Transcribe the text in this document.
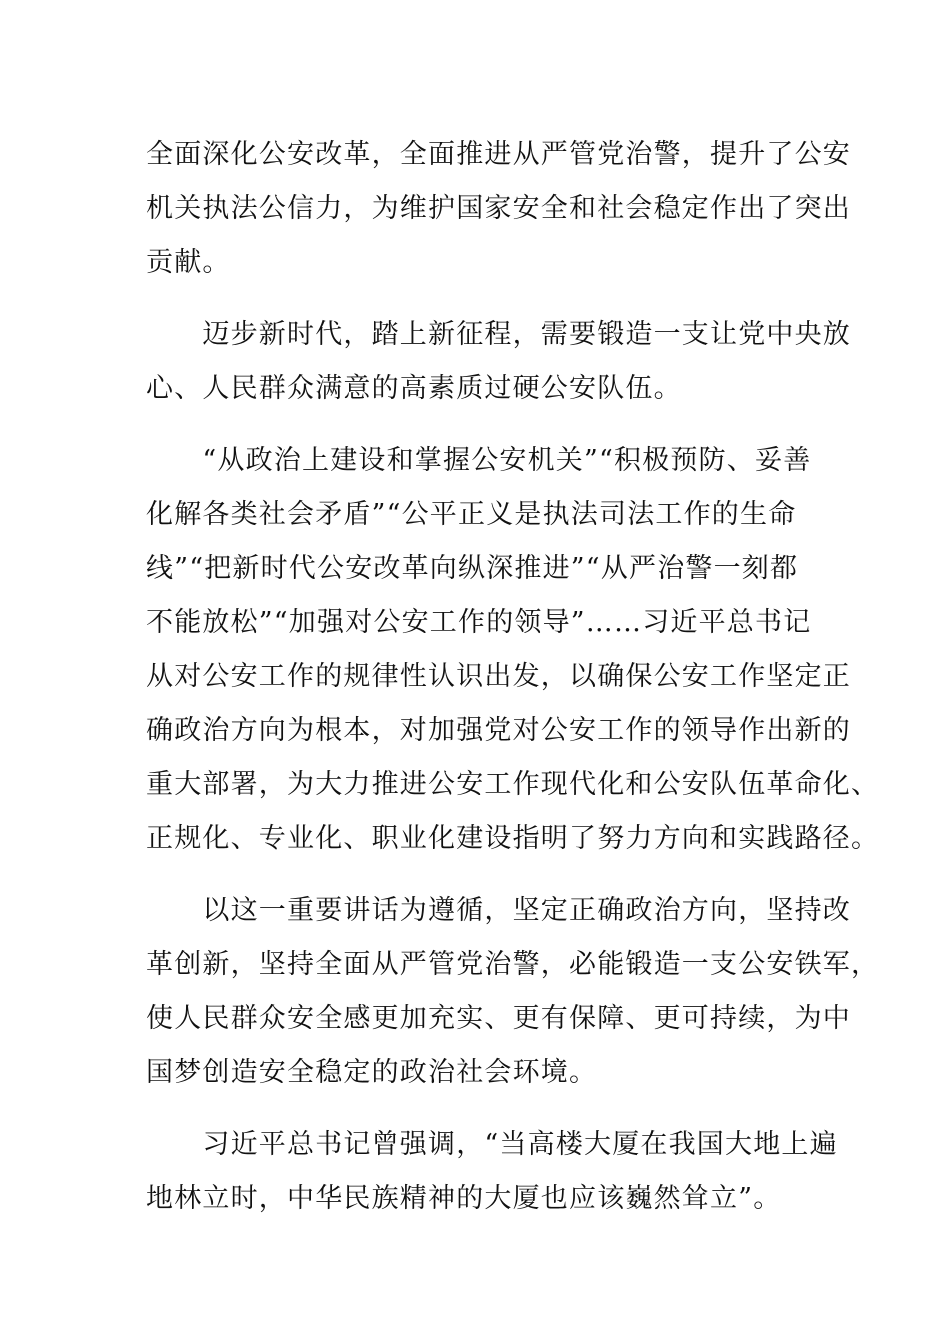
全面深化公安改革，全面推进从严管党治警，提升了公安
机关执法公信力，为维护国家安全和社会稳定作出了突出
贡献。

　　迈步新时代，踏上新征程，需要锻造一支让党中央放
心、人民群众满意的高素质过硬公安队伍。

　　“从政治上建设和掌握公安机关”“积极预防、妥善
化解各类社会矛盾”“公平正义是执法司法工作的生命
线”“把新时代公安改革向纵深推进”“从严治警一刻都
不能放松”“加强对公安工作的领导”……习近平总书记
从对公安工作的规律性认识出发，以确保公安工作坚定正
确政治方向为根本，对加强党对公安工作的领导作出新的
重大部署，为大力推进公安工作现代化和公安队伍革命化、
正规化、专业化、职业化建设指明了努力方向和实践路径。

　　以这一重要讲话为遵循，坚定正确政治方向，坚持改
革创新，坚持全面从严管党治警，必能锻造一支公安铁军，
使人民群众安全感更加充实、更有保障、更可持续，为中
国梦创造安全稳定的政治社会环境。

　　习近平总书记曾强调，“当高楼大厦在我国大地上遍
地林立时，中华民族精神的大厦也应该巍然耸立”。
